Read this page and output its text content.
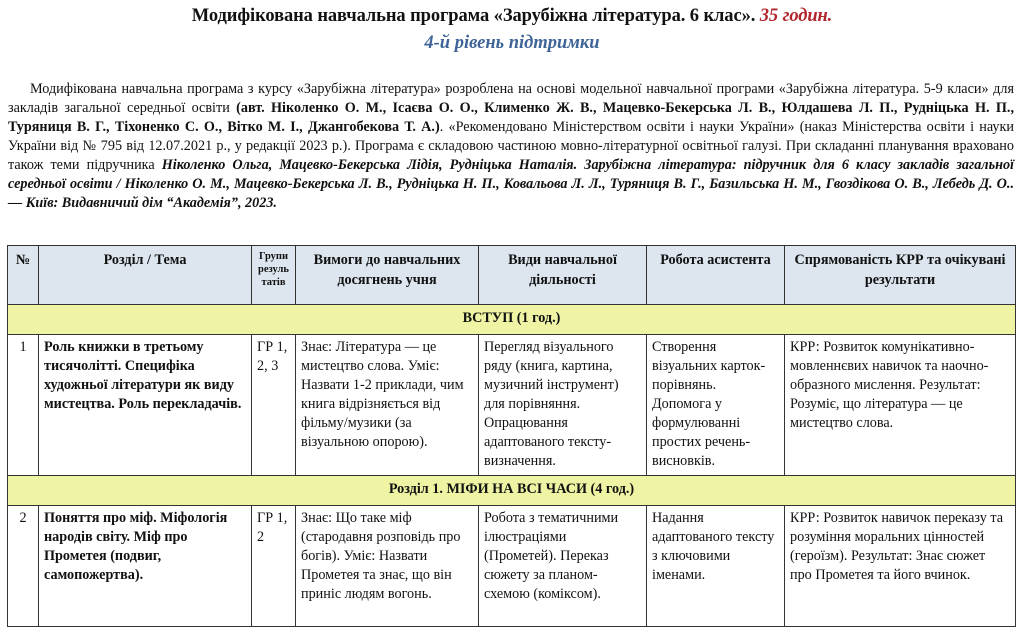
Модифікована навчальна програма «Зарубіжна література. 6 клас». 35 годин.
4-й рівень підтримки

Модифікована навчальна програма з курсу «Зарубіжна література» розроблена на основі модельної навчальної програми «Зарубіжна література. 5-9 класи» для закладів загальної середньої освіти (авт. Ніколенко О. М., Ісаєва О. О., Клименко Ж. В., Мацевко-Бекерська Л. В., Юлдашева Л. П., Рудніцька Н. П., Туряниця В. Г., Тіхоненко С. О., Вітко М. І., Джангобекова Т. А.). «Рекомендовано Міністерством освіти і науки України» (наказ Міністерства освіти і науки України від № 795 від 12.07.2021 р., у редакції 2023 р.). Програма є складовою частиною мовно-літературної освітньої галузі. При складанні планування враховано також теми підручника Ніколенко Ольга, Мацевко-Бекерська Лідія, Рудніцька Наталія. Зарубіжна література: підручник для 6 класу закладів загальної середньої освіти / Ніколенко О. М., Мацевко-Бекерська Л. В., Рудніцька Н. П., Ковальова Л. Л., Туряниця В. Г., Базильська Н. М., Гвоздікова О. В., Лебедь Д. О.. — Київ: Видавничий дім “Академія”, 2023.

№	Розділ / Тема	Групи резуль татів	Вимоги до навчальних досягнень учня	Види навчальної діяльності	Робота асистента	Спрямованість КРР та очікувані результати
ВСТУП (1 год.)						
1	Роль книжки в третьому тисячолітті. Специфіка художньої літератури як виду мистецтва. Роль перекладачів.	ГР 1, 2, 3	Знає: Література — це мистецтво слова. Уміє: Назвати 1-2 приклади, чим книга відрізняється від фільму/музики (за візуальною опорою).	Перегляд візуального ряду (книга, картина, музичний інструмент) для порівняння. Опрацювання адаптованого тексту-визначення.	Створення візуальних карток-порівнянь. Допомога у формулюванні простих речень-висновків.	КРР: Розвиток комунікативно-мовленнєвих навичок та наочно-образного мислення. Результат: Розуміє, що література — це мистецтво слова.
Розділ 1. МІФИ НА ВСІ ЧАСИ (4 год.)						
2	Поняття про міф. Міфологія народів світу. Міф про Прометея (подвиг, самопожертва).	ГР 1, 2	Знає: Що таке міф (стародавня розповідь про богів). Уміє: Назвати Прометея та знає, що він приніс людям вогонь.	Робота з тематичними ілюстраціями (Прометей). Переказ сюжету за планом-схемою (коміксом).	Надання адаптованого тексту з ключовими іменами.	КРР: Розвиток навичок переказу та розуміння моральних цінностей (героїзм). Результат: Знає сюжет про Прометея та його вчинок.
